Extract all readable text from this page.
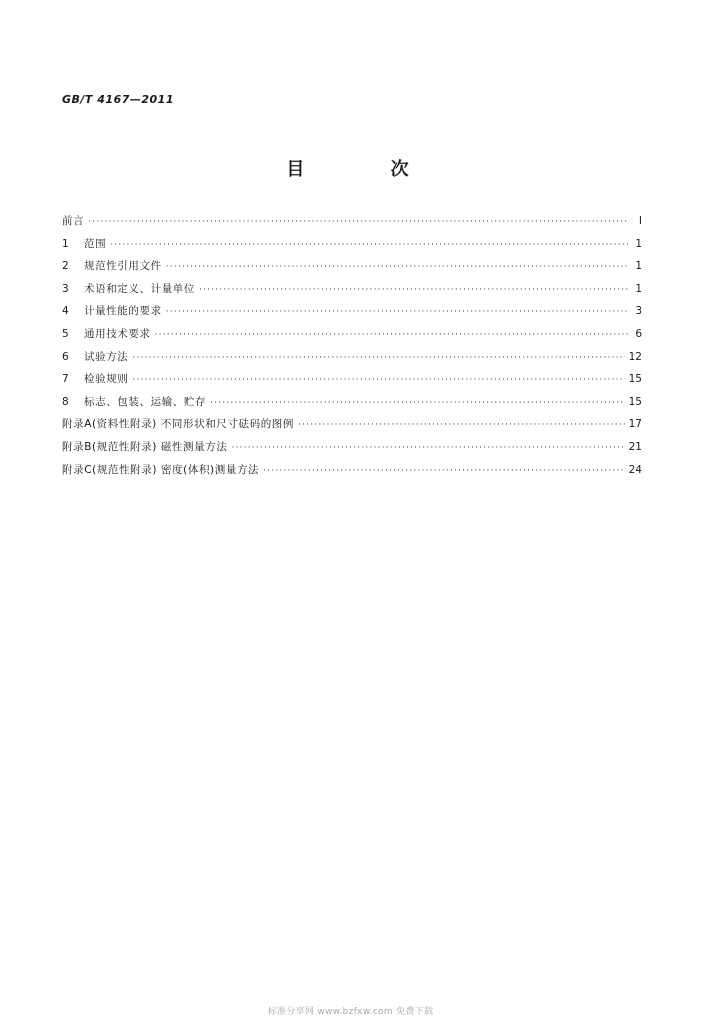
GB/T 4167—2011
目 次
前言 ·····	Ⅰ
1	范围 ·····	1
2	规范性引用文件 ·····	1
3	术语和定义、计量单位 ·····	1
4	计量性能的要求 ·····	3
5	通用技术要求 ·····	6
6	试验方法 ·····	12
7	检验规则 ·····	15
8	标志、包装、运输、贮存 ·····	15
附录A(资料性附录) 不同形状和尺寸砝码的图例 ·····	17
附录B(规范性附录) 磁性测量方法 ·····	21
附录C(规范性附录) 密度(体积)测量方法 ·····	24
标准分享网 www.bzfxw.com 免费下载
